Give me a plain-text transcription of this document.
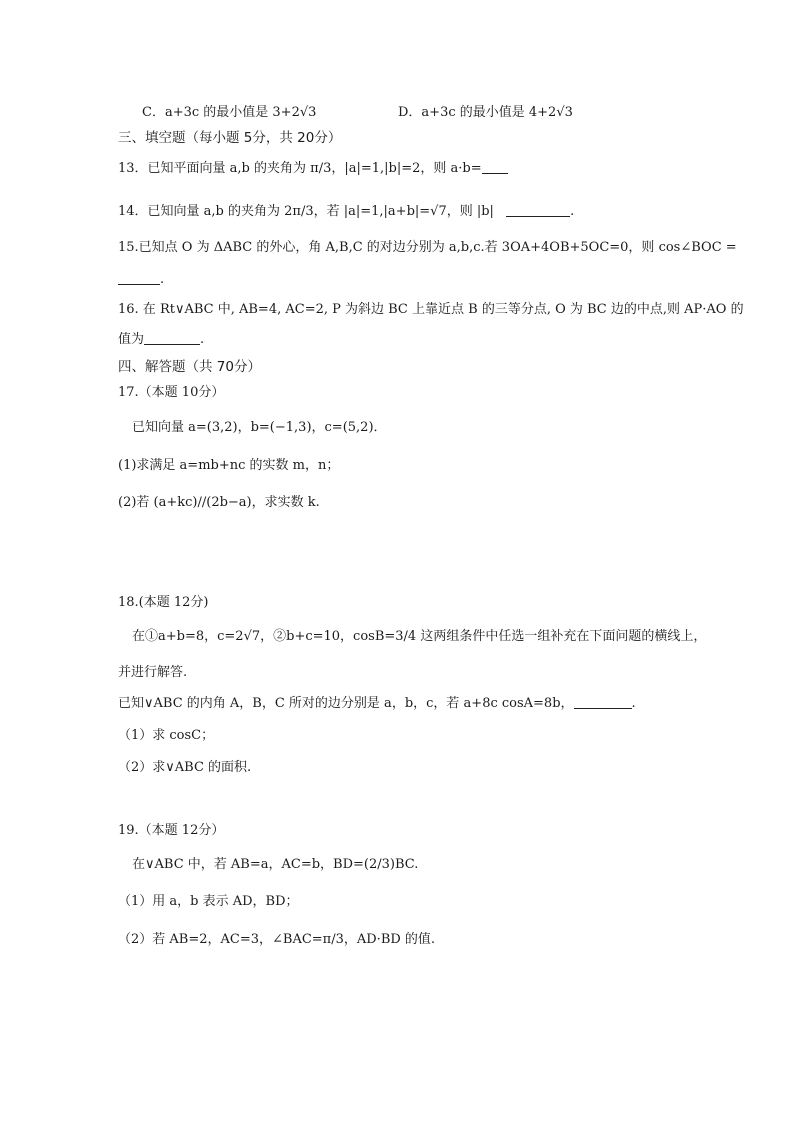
C．a+3c 的最小值是 3+2√3	D．a+3c 的最小值是 4+2√3
三、填空题（每小题 5分，共 20分）
13．已知平面向量 a,b 的夹角为 π/3，|a|=1,|b|=2，则 a·b=
14．已知向量 a,b 的夹角为 2π/3，若 |a|=1,|a+b|=√7，则 |b|	.
15.已知点 O 为 ΔABC 的外心，角 A,B,C 的对边分别为 a,b,c.若 3OA+4OB+5OC=0，则 cos∠BOC =
.
16. 在 Rt∨ABC 中, AB=4, AC=2, P 为斜边 BC 上靠近点 B 的三等分点, O 为 BC 边的中点,则 AP·AO 的
值为	.
四、解答题（共 70分）
17.（本题 10分）
已知向量 a=(3,2)，b=(−1,3)，c=(5,2)．
(1)求满足 a=mb+nc 的实数 m，n；
(2)若 (a+kc)//(2b−a)，求实数 k.
18.(本题 12分)
在①a+b=8，c=2√7，②b+c=10，cosB=3/4 这两组条件中任选一组补充在下面问题的横线上，
并进行解答.
已知∨ABC 的内角 A，B，C 所对的边分别是 a，b，c，若 a+8c cosA=8b，	.
（1）求 cosC；
（2）求∨ABC 的面积.
19.（本题 12分）
在∨ABC 中，若 AB=a，AC=b，BD=(2/3)BC.
（1）用 a，b 表示 AD，BD；
（2）若 AB=2，AC=3，∠BAC=π/3，AD·BD 的值.
